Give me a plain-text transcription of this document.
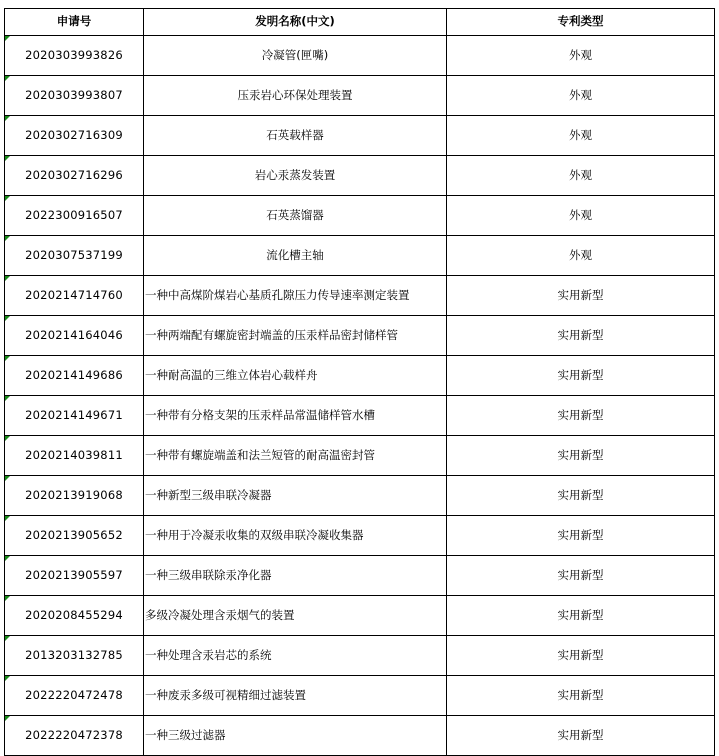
申请号	发明名称(中文)	专利类型
2020303993826	冷凝管(匣嘴)	外观
2020303993807	压汞岩心环保处理装置	外观
2020302716309	石英载样器	外观
2020302716296	岩心汞蒸发装置	外观
2022300916507	石英蒸馏器	外观
2020307537199	流化槽主轴	外观
2020214714760	一种中高煤阶煤岩心基质孔隙压力传导速率测定装置	实用新型
2020214164046	一种两端配有螺旋密封端盖的压汞样品密封储样管	实用新型
2020214149686	一种耐高温的三维立体岩心载样舟	实用新型
2020214149671	一种带有分格支架的压汞样品常温储样管水槽	实用新型
2020214039811	一种带有螺旋端盖和法兰短管的耐高温密封管	实用新型
2020213919068	一种新型三级串联冷凝器	实用新型
2020213905652	一种用于冷凝汞收集的双级串联冷凝收集器	实用新型
2020213905597	一种三级串联除汞净化器	实用新型
2020208455294	多级冷凝处理含汞烟气的装置	实用新型
2013203132785	一种处理含汞岩芯的系统	实用新型
2022220472478	一种废汞多级可视精细过滤装置	实用新型
2022220472378	一种三级过滤器	实用新型
